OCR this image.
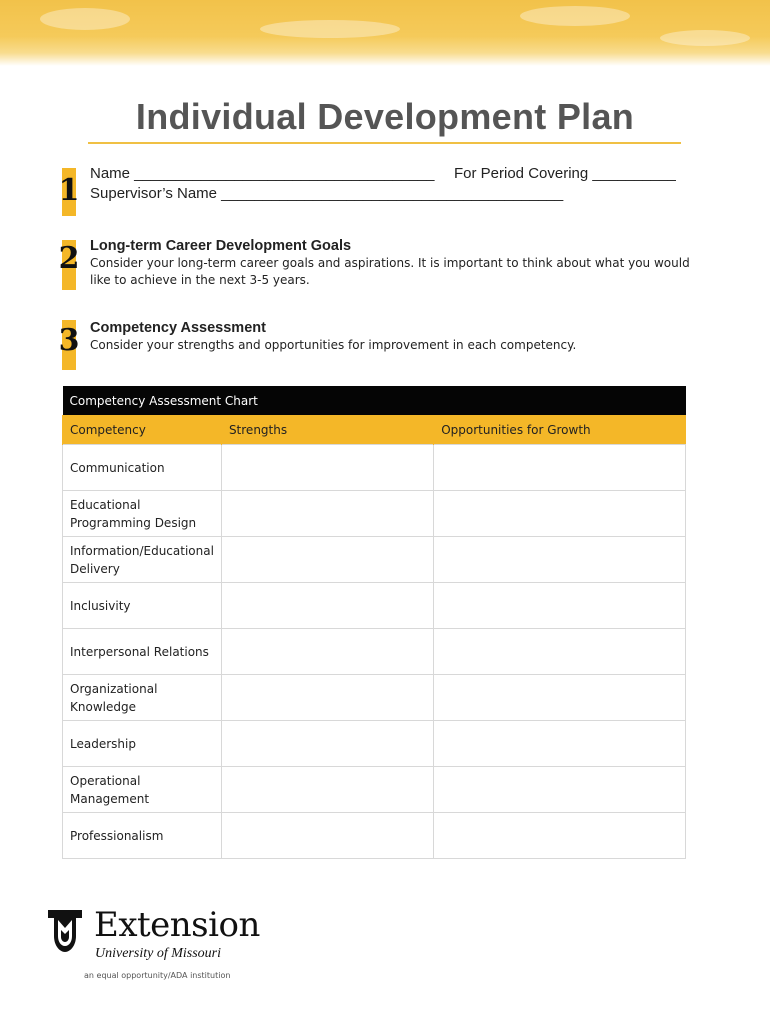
Individual Development Plan
1 Name ____________________________________ For Period Covering __________
Supervisor’s Name _________________________________________
2 Long-term Career Development Goals
Consider your long-term career goals and aspirations. It is important to think about what you would like to achieve in the next 3-5 years.
3 Competency Assessment
Consider your strengths and opportunities for improvement in each competency.
Competency Assessment Chart		
Competency	Strengths	Opportunities for Growth
Communication		
Educational Programming Design		
Information/Educational Delivery		
Inclusivity		
Interpersonal Relations		
Organizational Knowledge		
Leadership		
Operational Management		
Professionalism		
Extension
University of Missouri
an equal opportunity/ADA institution
